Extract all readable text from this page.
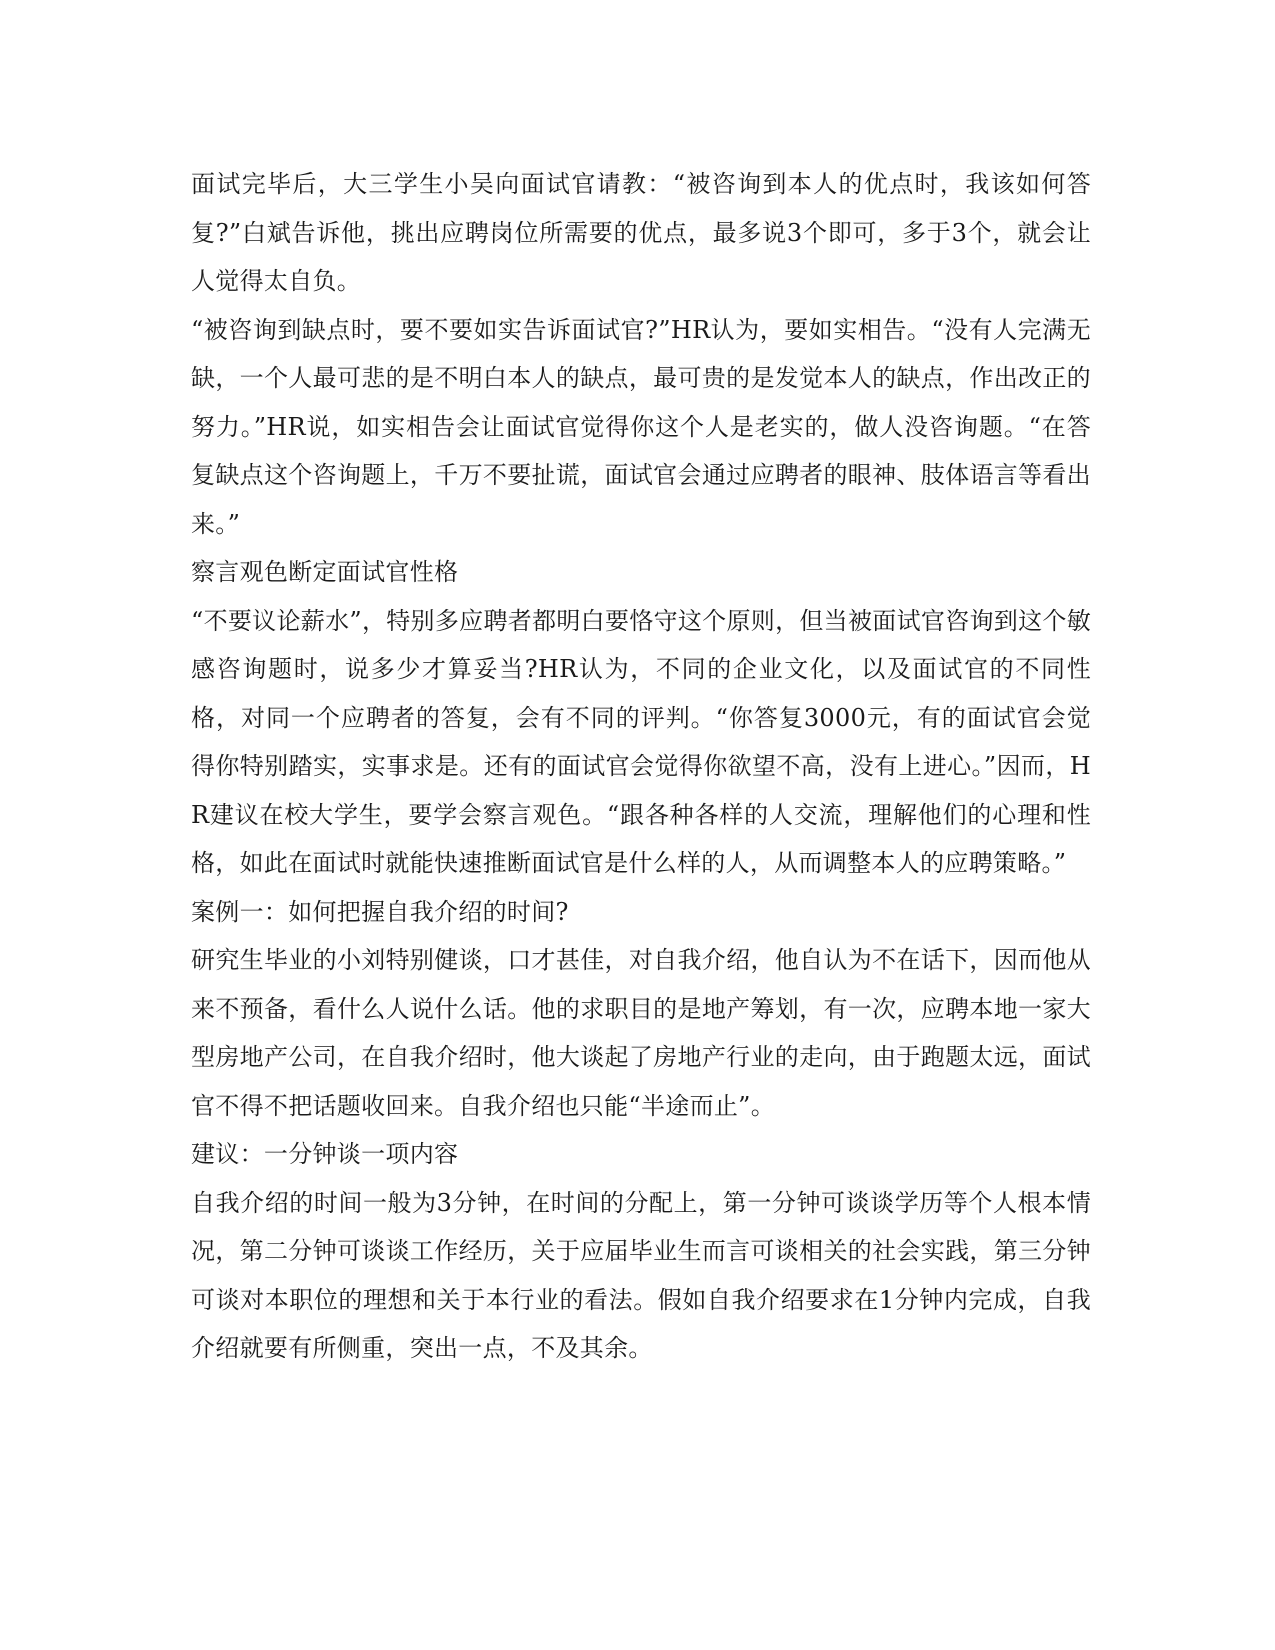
面试完毕后，大三学生小吴向面试官请教：“被咨询到本人的优点时，我该如何答复?”白斌告诉他，挑出应聘岗位所需要的优点，最多说3个即可，多于3个，就会让人觉得太自负。

“被咨询到缺点时，要不要如实告诉面试官?”HR认为，要如实相告。“没有人完满无缺，一个人最可悲的是不明白本人的缺点，最可贵的是发觉本人的缺点，作出改正的努力。”HR说，如实相告会让面试官觉得你这个人是老实的，做人没咨询题。“在答复缺点这个咨询题上，千万不要扯谎，面试官会通过应聘者的眼神、肢体语言等看出来。”

察言观色断定面试官性格

“不要议论薪水”，特别多应聘者都明白要恪守这个原则，但当被面试官咨询到这个敏感咨询题时，说多少才算妥当?HR认为，不同的企业文化，以及面试官的不同性格，对同一个应聘者的答复，会有不同的评判。“你答复3000元，有的面试官会觉得你特别踏实，实事求是。还有的面试官会觉得你欲望不高，没有上进心。”因而，HR建议在校大学生，要学会察言观色。“跟各种各样的人交流，理解他们的心理和性格，如此在面试时就能快速推断面试官是什么样的人，从而调整本人的应聘策略。”

案例一：如何把握自我介绍的时间?

研究生毕业的小刘特别健谈，口才甚佳，对自我介绍，他自认为不在话下，因而他从来不预备，看什么人说什么话。他的求职目的是地产筹划，有一次，应聘本地一家大型房地产公司，在自我介绍时，他大谈起了房地产行业的走向，由于跑题太远，面试官不得不把话题收回来。自我介绍也只能“半途而止”。

建议：一分钟谈一项内容

自我介绍的时间一般为3分钟，在时间的分配上，第一分钟可谈谈学历等个人根本情况，第二分钟可谈谈工作经历，关于应届毕业生而言可谈相关的社会实践，第三分钟可谈对本职位的理想和关于本行业的看法。假如自我介绍要求在1分钟内完成，自我介绍就要有所侧重，突出一点，不及其余。
